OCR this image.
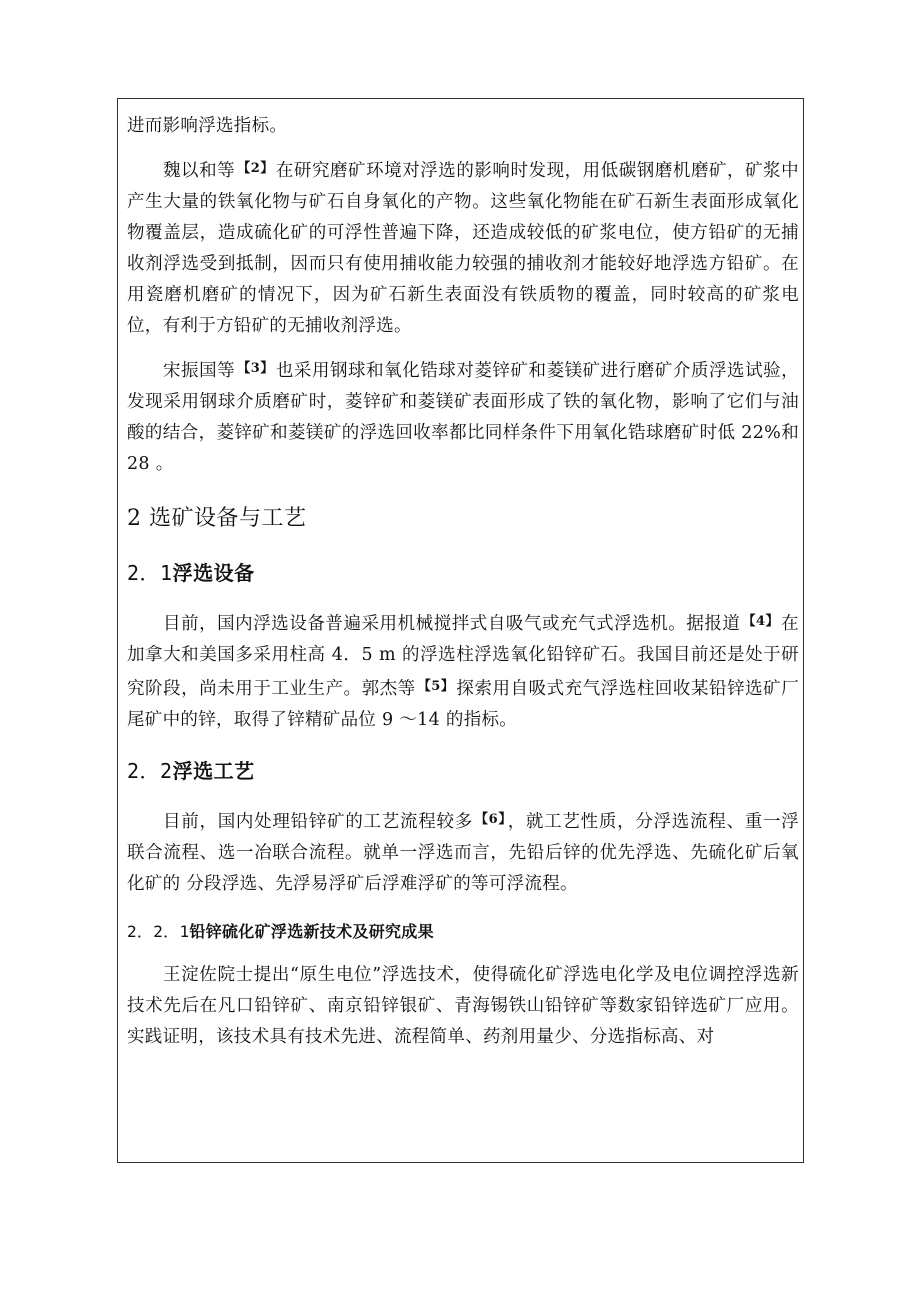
进而影响浮选指标。

魏以和等 $^{【2】}$ 在研究磨矿环境对浮选的影响时发现，用低碳钢磨机磨矿，矿浆中产生大量的铁氧化物与矿石自身氧化的产物。这些氧化物能在矿石新生表面形成氧化物覆盖层，造成硫化矿的可浮性普遍下降，还造成较低的矿浆电位，使方铅矿的无捕收剂浮选受到抵制，因而只有使用捕收能力较强的捕收剂才能较好地浮选方铅矿。在用瓷磨机磨矿的情况下，因为矿石新生表面没有铁质物的覆盖，同时较高的矿浆电位，有利于方铅矿的无捕收剂浮选。

宋振国等 $^{【3】}$ 也采用钢球和氧化锆球对菱锌矿和菱镁矿进行磨矿介质浮选试验，发现采用钢球介质磨矿时，菱锌矿和菱镁矿表面形成了铁的氧化物，影响了它们与油酸的结合，菱锌矿和菱镁矿的浮选回收率都比同样条件下用氧化锆球磨矿时低 22%和 28 。

2 选矿设备与工艺
2．1浮选设备

目前，国内浮选设备普遍采用机械搅拌式自吸气或充气式浮选机。据报道 $^{【4】}$ 在加拿大和美国多采用柱高 4．5 m 的浮选柱浮选氧化铅锌矿石。我国目前还是处于研究阶段，尚未用于工业生产。郭杰等 $^{【5】}$ 探索用自吸式充气浮选柱回收某铅锌选矿厂尾矿中的锌，取得了锌精矿品位 9 ～14 的指标。

2．2浮选工艺

目前，国内处理铅锌矿的工艺流程较多 $^{【6】}$ ，就工艺性质，分浮选流程、重一浮联合流程、选一冶联合流程。就单一浮选而言，先铅后锌的优先浮选、先硫化矿后氧化矿的 分段浮选、先浮易浮矿后浮难浮矿的等可浮流程。

2．2．1铅锌硫化矿浮选新技术及研究成果

王淀佐院士提出“原生电位”浮选技术，使得硫化矿浮选电化学及电位调控浮选新技术先后在凡口铅锌矿、南京铅锌银矿、青海锡铁山铅锌矿等数家铅锌选矿厂应用。实践证明，该技术具有技术先进、流程简单、药剂用量少、分选指标高、对
